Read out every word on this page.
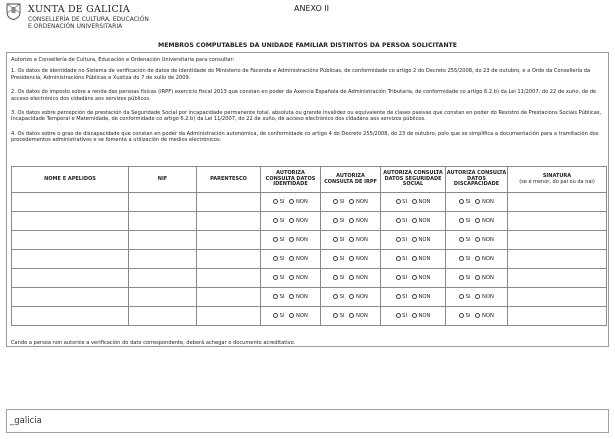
XUNTA DE GALICIA
CONSELLERÍA DE CULTURA, EDUCACIÓN
E ORDENACIÓN UNIVERSITARIA
ANEXO II
MEMBROS COMPUTABLES DA UNIDADE FAMILIAR DISTINTOS DA PERSOA SOLICITANTE

Autorizo a Consellería de Cultura, Educación e Ordenación Universitaria para consultar:

1. Os datos de identidade no Sistema de verificación de datos de identidade do Ministerio de Facenda e Administracións Públicas, de conformidade co artigo 2 do Decreto 255/2008, do 23 de outubro, e a Orde da Consellería da Presidencia, Administracións Públicas e Xustiza do 7 de xullo de 2009.

2. Os datos do imposto sobre a renda das persoas físicas (IRPF) exercicio fiscal 2013 que constan en poder da Axencia Española de Administración Tributaria, de conformidade co artigo 6.2.b) da Lei 11/2007, do 22 de xuño, de de acceso electrónico dos cidadáns aos servizos públicos.

3. Os datos sobre percepción de prestación da Seguridade Social por incapacidade permanente total, absoluta ou grande invalidez ou equivalente de clases pasivas que constan en poder do Rexistro de Prestacións Sociais Públicas, Incapacidade Temporal e Maternidade, de conformidade co artigo 6.2.b) da Lei 11/2007, do 22 de xuño, de acceso electrónico dos cidadáns aos servizos públicos.

4. Os datos sobre o grao de discapacidade que constan en poder da Administración autonómica, de conformidade co artigo 4 do Decreto 255/2008, do 23 de outubro, polo que se simplifica a documentación para a tramitación dos procedementos administrativos e se fomenta a utilización de medios electrónicos.

NOME E APELIDOS	NIF	PARENTESCO	AUTORIZA CONSULTA DATOS IDENTIDADE	AUTORIZA CONSULTA DE IRPF	AUTORIZA CONSULTA DATOS SEGURIDADE SOCIAL	AUTORIZA CONSULTA DATOS DISCAPACIDADE	SINATURA
(se é menor, do pai ou da nai)

			SI NON	SI NON	SI NON	SI NON	

			SI NON	SI NON	SI NON	SI NON	

			SI NON	SI NON	SI NON	SI NON	

			SI NON	SI NON	SI NON	SI NON	

			SI NON	SI NON	SI NON	SI NON	

			SI NON	SI NON	SI NON	SI NON	

			SI NON	SI NON	SI NON	SI NON	

Cando a persoa non autorice a verificación do dato correspondente, deberá achegar o documento acreditativo.
_galicia
